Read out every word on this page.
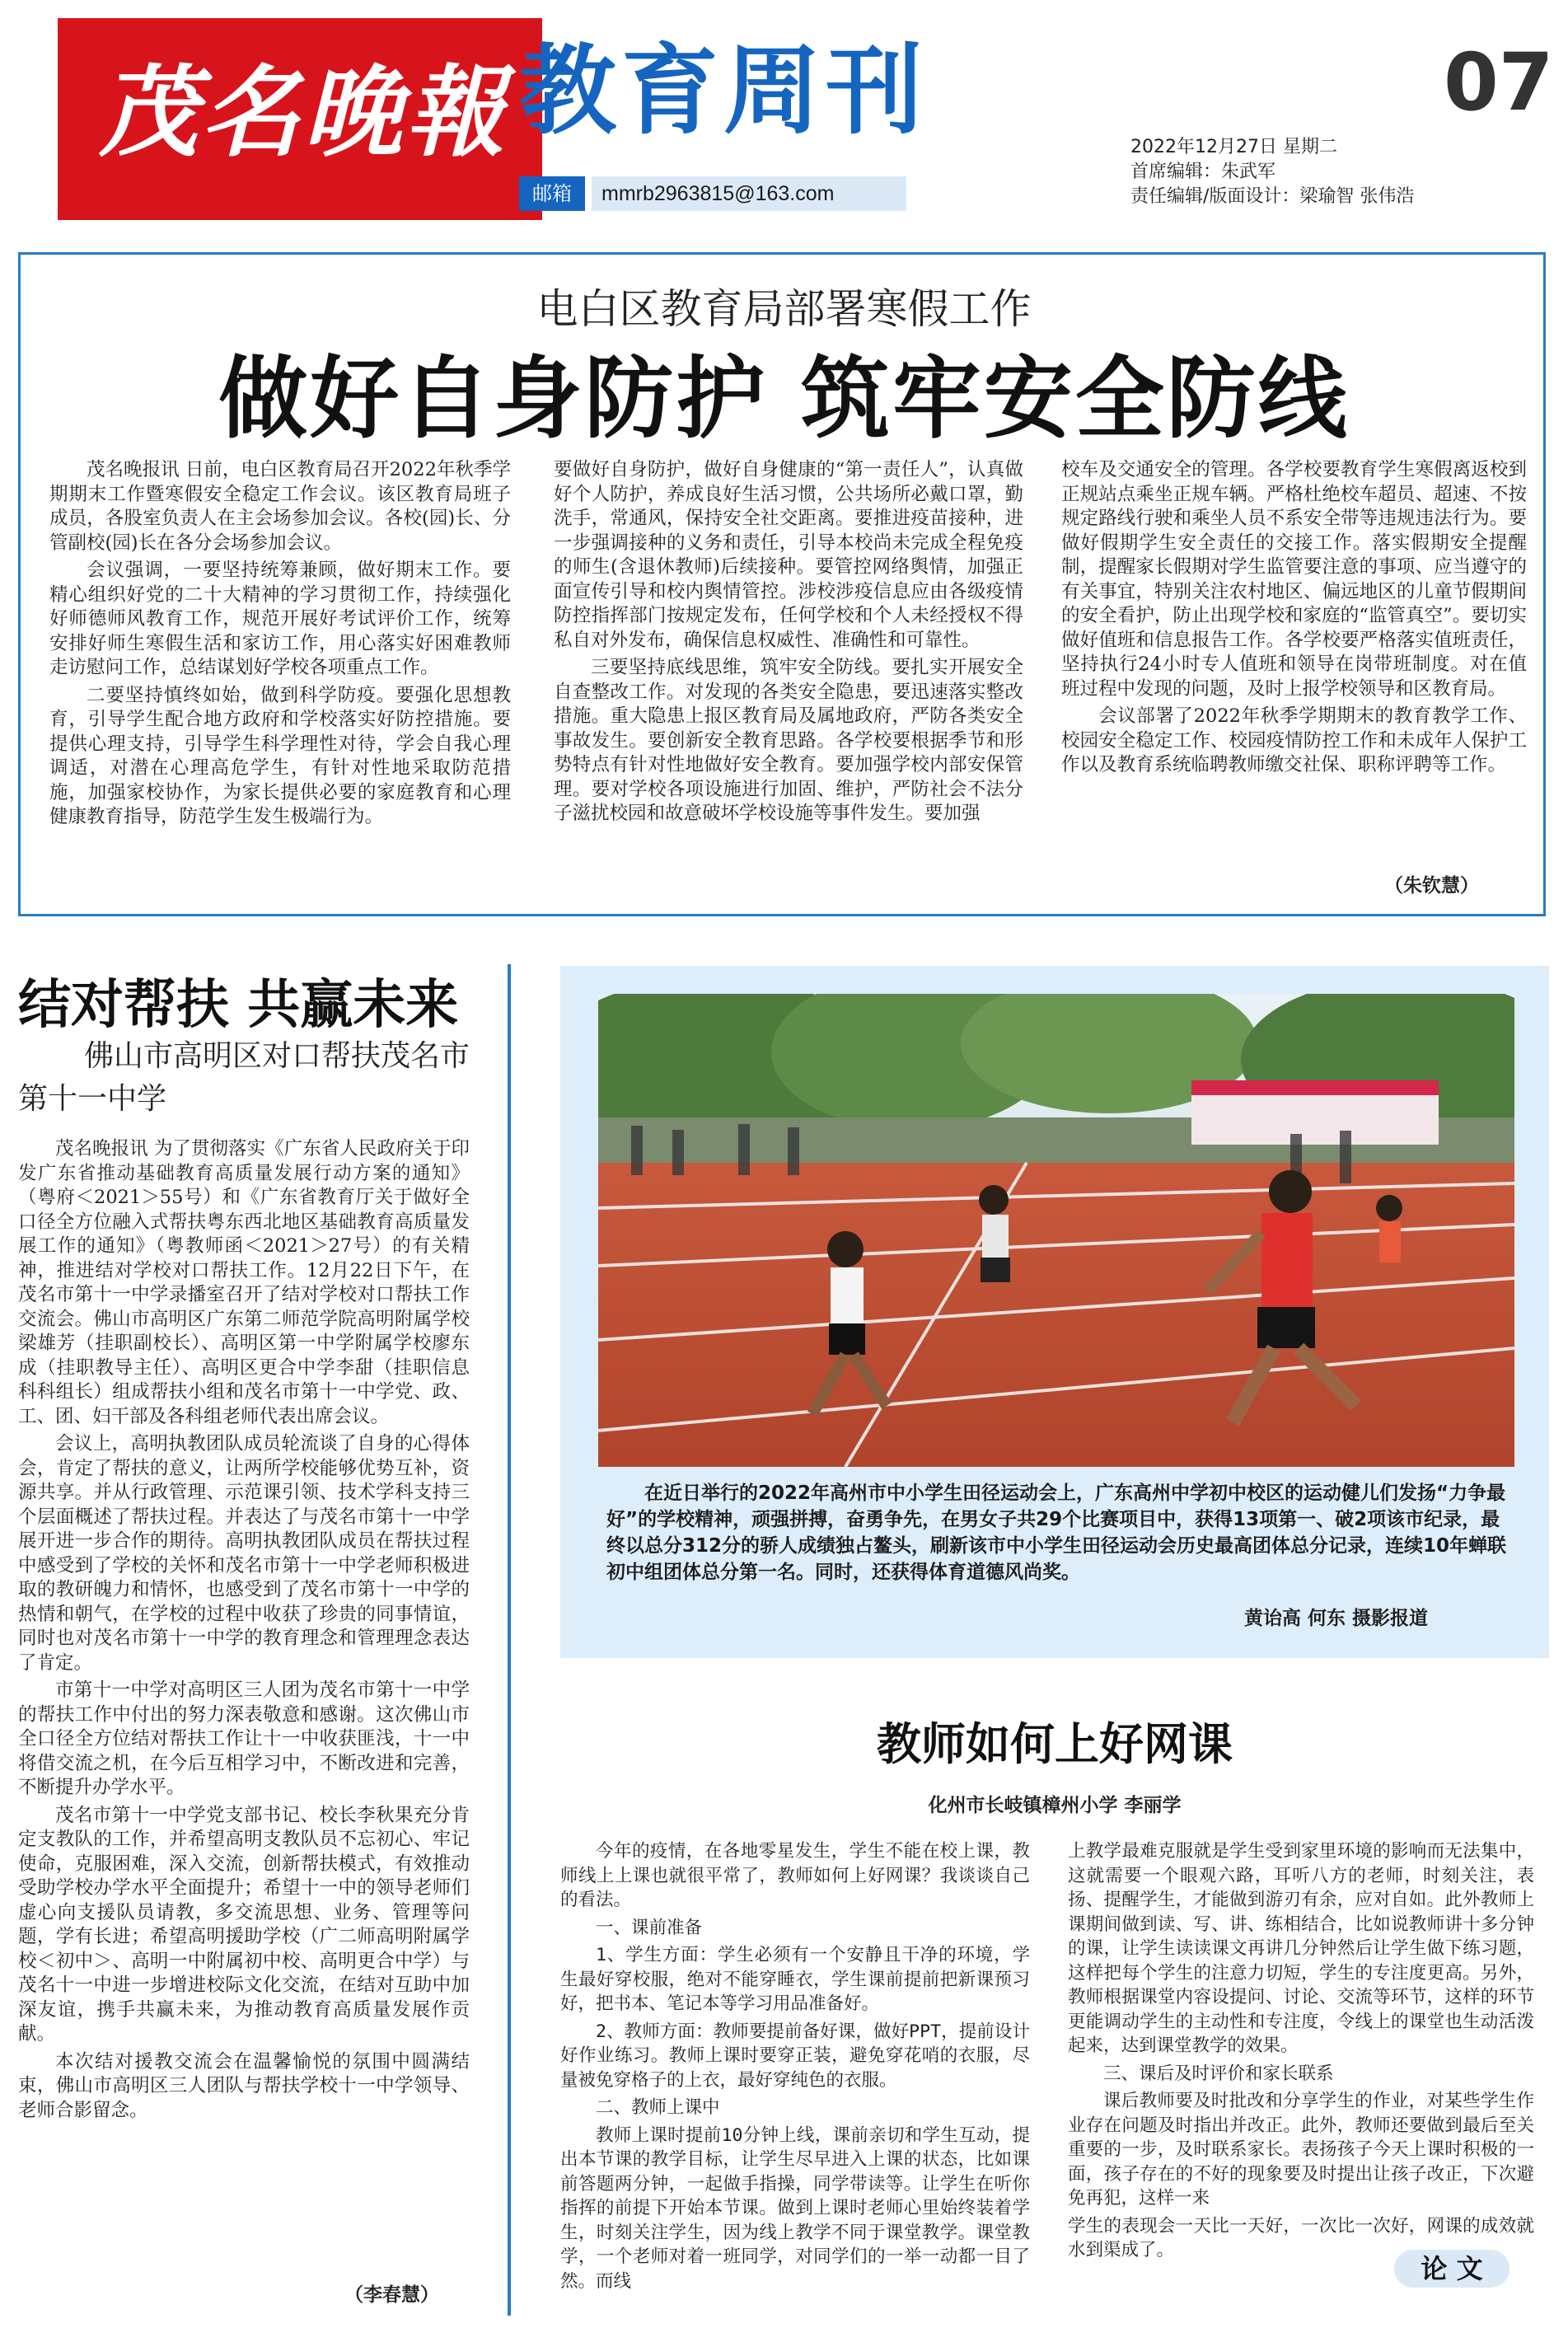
茂名晚報 教育周刊	07
邮箱	mmrb2963815@163.com
2022年12月27日 星期二
首席编辑：朱武军
责任编辑/版面设计：梁瑜智 张伟浩
电白区教育局部署寒假工作
做好自身防护 筑牢安全防线

茂名晚报讯 日前，电白区教育局召开2022年秋季学期期末工作暨寒假安全稳定工作会议。该区教育局班子成员，各股室负责人在主会场参加会议。各校(园)长、分管副校(园)长在各分会场参加会议。

会议强调，一要坚持统筹兼顾，做好期末工作。要精心组织好党的二十大精神的学习贯彻工作，持续强化好师德师风教育工作，规范开展好考试评价工作，统筹安排好师生寒假生活和家访工作，用心落实好困难教师走访慰问工作，总结谋划好学校各项重点工作。

二要坚持慎终如始，做到科学防疫。要强化思想教育，引导学生配合地方政府和学校落实好防控措施。要提供心理支持，引导学生科学理性对待，学会自我心理调适，对潜在心理高危学生，有针对性地采取防范措施，加强家校协作，为家长提供必要的家庭教育和心理健康教育指导，防范学生发生极端行为。

要做好自身防护，做好自身健康的“第一责任人”，认真做好个人防护，养成良好生活习惯，公共场所必戴口罩，勤洗手，常通风，保持安全社交距离。要推进疫苗接种，进一步强调接种的义务和责任，引导本校尚未完成全程免疫的师生(含退休教师)后续接种。要管控网络舆情，加强正面宣传引导和校内舆情管控。涉校涉疫信息应由各级疫情防控指挥部门按规定发布，任何学校和个人未经授权不得私自对外发布，确保信息权威性、准确性和可靠性。

三要坚持底线思维，筑牢安全防线。要扎实开展安全自查整改工作。对发现的各类安全隐患，要迅速落实整改措施。重大隐患上报区教育局及属地政府，严防各类安全事故发生。要创新安全教育思路。各学校要根据季节和形势特点有针对性地做好安全教育。要加强学校内部安保管理。要对学校各项设施进行加固、维护，严防社会不法分子滋扰校园和故意破坏学校设施等事件发生。要加强

校车及交通安全的管理。各学校要教育学生寒假离返校到正规站点乘坐正规车辆。严格杜绝校车超员、超速、不按规定路线行驶和乘坐人员不系安全带等违规违法行为。要做好假期学生安全责任的交接工作。落实假期安全提醒制，提醒家长假期对学生监管要注意的事项、应当遵守的有关事宜，特别关注农村地区、偏远地区的儿童节假期间的安全看护，防止出现学校和家庭的“监管真空”。要切实做好值班和信息报告工作。各学校要严格落实值班责任，坚持执行24小时专人值班和领导在岗带班制度。对在值班过程中发现的问题，及时上报学校领导和区教育局。

会议部署了2022年秋季学期期末的教育教学工作、校园安全稳定工作、校园疫情防控工作和未成年人保护工作以及教育系统临聘教师缴交社保、职称评聘等工作。

（朱钦慧）
结对帮扶 共赢未来
佛山市高明区对口帮扶茂名市第十一中学

茂名晚报讯 为了贯彻落实《广东省人民政府关于印发广东省推动基础教育高质量发展行动方案的通知》（粤府＜2021＞55号）和《广东省教育厅关于做好全口径全方位融入式帮扶粤东西北地区基础教育高质量发展工作的通知》（粤教师函＜2021＞27号）的有关精神，推进结对学校对口帮扶工作。12月22日下午，在茂名市第十一中学录播室召开了结对学校对口帮扶工作交流会。佛山市高明区广东第二师范学院高明附属学校梁雄芳（挂职副校长）、高明区第一中学附属学校廖东成（挂职教导主任）、高明区更合中学李甜（挂职信息科科组长）组成帮扶小组和茂名市第十一中学党、政、工、团、妇干部及各科组老师代表出席会议。

会议上，高明执教团队成员轮流谈了自身的心得体会，肯定了帮扶的意义，让两所学校能够优势互补，资源共享。并从行政管理、示范课引领、技术学科支持三个层面概述了帮扶过程。并表达了与茂名市第十一中学展开进一步合作的期待。高明执教团队成员在帮扶过程中感受到了学校的关怀和茂名市第十一中学老师积极进取的教研魄力和情怀，也感受到了茂名市第十一中学的热情和朝气，在学校的过程中收获了珍贵的同事情谊，同时也对茂名市第十一中学的教育理念和管理理念表达了肯定。

市第十一中学对高明区三人团为茂名市第十一中学的帮扶工作中付出的努力深表敬意和感谢。这次佛山市全口径全方位结对帮扶工作让十一中收获匪浅，十一中将借交流之机，在今后互相学习中，不断改进和完善，不断提升办学水平。

茂名市第十一中学党支部书记、校长李秋果充分肯定支教队的工作，并希望高明支教队员不忘初心、牢记使命，克服困难，深入交流，创新帮扶模式，有效推动受助学校办学水平全面提升；希望十一中的领导老师们虚心向支援队员请教，多交流思想、业务、管理等问题，学有长进；希望高明援助学校（广二师高明附属学校＜初中＞、高明一中附属初中校、高明更合中学）与茂名十一中进一步增进校际文化交流，在结对互助中加深友谊，携手共赢未来，为推动教育高质量发展作贡献。

本次结对援教交流会在温馨愉悦的氛围中圆满结束，佛山市高明区三人团队与帮扶学校十一中学领导、老师合影留念。

（李春慧）
在近日举行的2022年高州市中小学生田径运动会上，广东高州中学初中校区的运动健儿们发扬“力争最好”的学校精神，顽强拼搏，奋勇争先，在男女子共29个比赛项目中，获得13项第一、破2项该市纪录，最终以总分312分的骄人成绩独占鳌头，刷新该市中小学生田径运动会历史最高团体总分记录，连续10年蝉联初中组团体总分第一名。同时，还获得体育道德风尚奖。
黄诒高 何东 摄影报道
教师如何上好网课
化州市长岐镇樟州小学 李丽学

今年的疫情，在各地零星发生，学生不能在校上课，教师线上上课也就很平常了，教师如何上好网课？我谈谈自己的看法。

一、课前准备

1、学生方面：学生必须有一个安静且干净的环境，学生最好穿校服，绝对不能穿睡衣，学生课前提前把新课预习好，把书本、笔记本等学习用品准备好。

2、教师方面：教师要提前备好课，做好PPT，提前设计好作业练习。教师上课时要穿正装，避免穿花哨的衣服，尽量被免穿格子的上衣，最好穿纯色的衣服。

二、教师上课中

教师上课时提前10分钟上线，课前亲切和学生互动，提出本节课的教学目标，让学生尽早进入上课的状态，比如课前答题两分钟，一起做手指操，同学带读等。让学生在听你指挥的前提下开始本节课。做到上课时老师心里始终装着学生，时刻关注学生，因为线上教学不同于课堂教学。课堂教学，一个老师对着一班同学，对同学们的一举一动都一目了然。而线

上教学最难克服就是学生受到家里环境的影响而无法集中，这就需要一个眼观六路，耳听八方的老师，时刻关注，表扬、提醒学生，才能做到游刃有余，应对自如。此外教师上课期间做到读、写、讲、练相结合，比如说教师讲十多分钟的课，让学生读读课文再讲几分钟然后让学生做下练习题，这样把每个学生的注意力切短，学生的专注度更高。另外，教师根据课堂内容设提问、讨论、交流等环节，这样的环节更能调动学生的主动性和专注度，令线上的课堂也生动活泼起来，达到课堂教学的效果。

三、课后及时评价和家长联系

课后教师要及时批改和分享学生的作业，对某些学生作业存在问题及时指出并改正。此外，教师还要做到最后至关重要的一步，及时联系家长。表扬孩子今天上课时积极的一面，孩子存在的不好的现象要及时提出让孩子改正，下次避免再犯，这样一来

学生的表现会一天比一天好，一次比一次好，网课的成效就水到渠成了。

论 文
